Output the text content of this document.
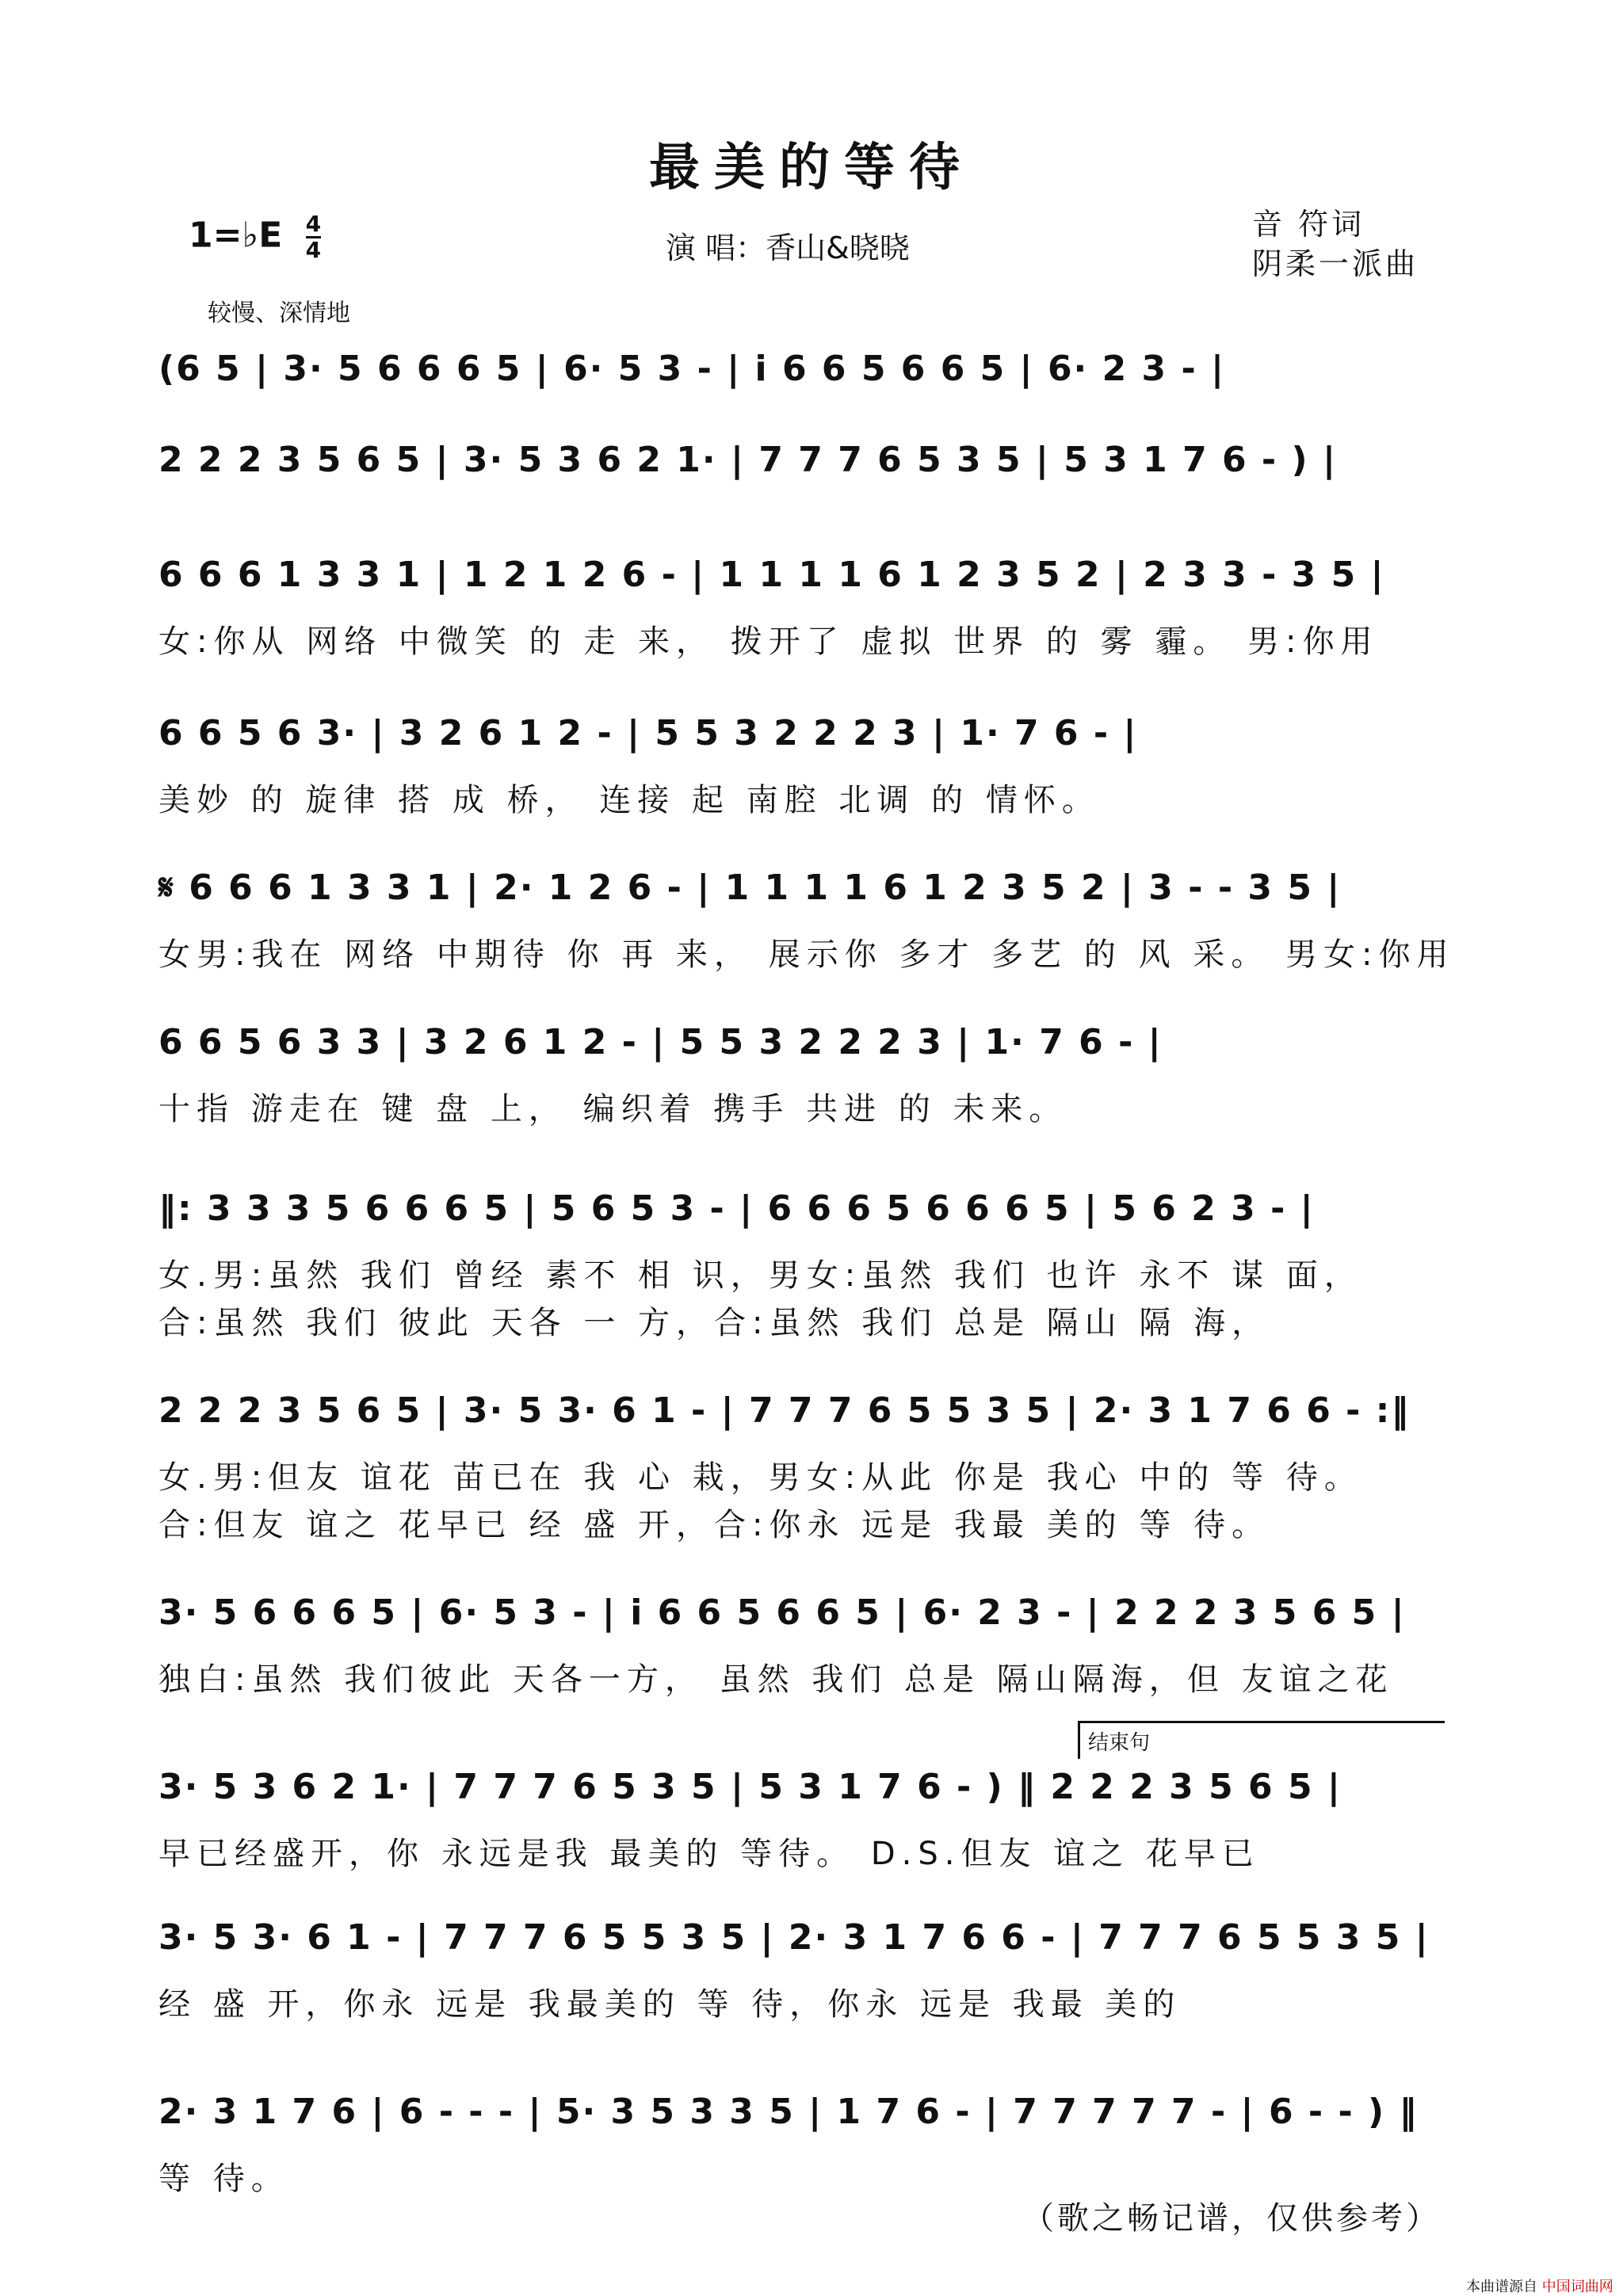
最美的等待
1=♭E $\frac{4}{4}$	演 唱：香山&晓晓
音 符词
阴柔一派曲
较慢、深情地
(6 5 | 3· 5 6 6 6 5 | 6· 5 3 - | i 6 6 5 6 6 5 | 6· 2 3 - |
2 2 2 3 5 6 5 | 3· 5 3 6 2 1· | 7 7 7 6 5 3 5 | 5 3 1 7 6 - ) |
6 6 6 1 3 3 1 | 1 2 1 2 6 - | 1 1 1 1 6 1 2 3 5 2 | 2 3 3 - 3 5 |
女:你从 网络 中微笑 的 走 来， 拨开了 虚拟 世界 的 雾 霾。 男:你用
6 6 5 6 3· | 3 2 6 1 2 - | 5 5 3 2 2 2 3 | 1· 7 6 - |
美妙 的 旋律 搭 成 桥， 连接 起 南腔 北调 的 情怀。
𝄋 6 6 6 1 3 3 1 | 2· 1 2 6 - | 1 1 1 1 6 1 2 3 5 2 | 3 - - 3 5 |
女男:我在 网络 中期待 你 再 来， 展示你 多才 多艺 的 风 采。 男女:你用
6 6 5 6 3 3 | 3 2 6 1 2 - | 5 5 3 2 2 2 3 | 1· 7 6 - |
十指 游走在 键 盘 上， 编织着 携手 共进 的 未来。
‖: 3 3 3 5 6 6 6 5 | 5 6 5 3 - | 6 6 6 5 6 6 6 5 | 5 6 2 3 - |
女.男:虽然 我们 曾经 素不 相 识，男女:虽然 我们 也许 永不 谋 面，
合:虽然 我们 彼此 天各 一 方，合:虽然 我们 总是 隔山 隔 海，
2 2 2 3 5 6 5 | 3· 5 3· 6 1 - | 7 7 7 6 5 5 3 5 | 2· 3 1 7 6 6 - :‖
女.男:但友 谊花 苗已在 我 心 栽，男女:从此 你是 我心 中的 等 待。
合:但友 谊之 花早已 经 盛 开，合:你永 远是 我最 美的 等 待。
3· 5 6 6 6 5 | 6· 5 3 - | i 6 6 5 6 6 5 | 6· 2 3 - | 2 2 2 3 5 6 5 |
独白:虽然 我们彼此 天各一方， 虽然 我们 总是 隔山隔海，但 友谊之花
3· 5 3 6 2 1· | 7 7 7 6 5 3 5 | 5 3 1 7 6 - ) ‖ 2 2 2 3 5 6 5 |
早已经盛开，你 永远是我 最美的 等待。 D.S.但友 谊之 花早已
3· 5 3· 6 1 - | 7 7 7 6 5 5 3 5 | 2· 3 1 7 6 6 - | 7 7 7 6 5 5 3 5 |
经 盛 开，你永 远是 我最美的 等 待，你永 远是 我最 美的
2· 3 1 7 6 | 6 - - - | 5· 3 5 3 3 5 | 1 7 6 - | 7 7 7 7 7 - | 6 - - ) ‖
等 待。
结束句
（歌之畅记谱，仅供参考）
本曲谱源自 中国词曲网
